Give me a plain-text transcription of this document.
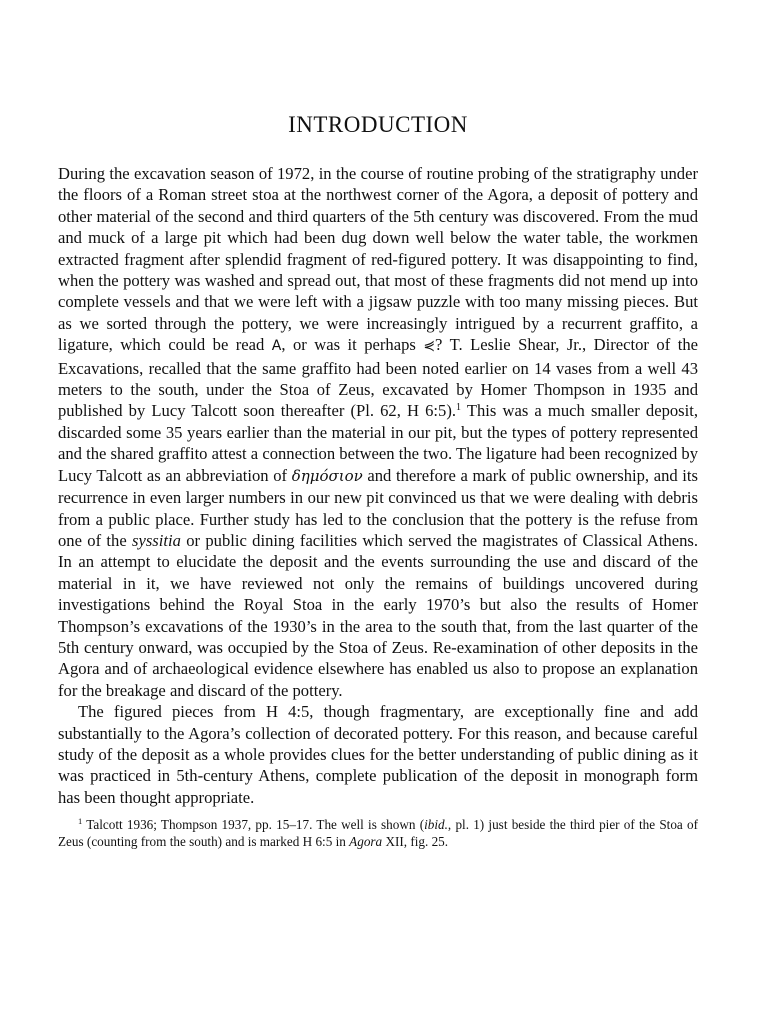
INTRODUCTION

During the excavation season of 1972, in the course of routine probing of the stratigraphy under the floors of a Roman street stoa at the northwest corner of the Agora, a deposit of pottery and other material of the second and third quarters of the 5th century was discovered. From the mud and muck of a large pit which had been dug down well below the water table, the workmen extracted fragment after splendid fragment of red-figured pottery. It was disappointing to find, when the pottery was washed and spread out, that most of these fragments did not mend up into complete vessels and that we were left with a jigsaw puzzle with too many missing pieces. But as we sorted through the pottery, we were increasingly intrigued by a recurrent graffito, a ligature, which could be read Α, or was it perhaps ⋞? T. Leslie Shear, Jr., Director of the Excavations, recalled that the same graffito had been noted earlier on 14 vases from a well 43 meters to the south, under the Stoa of Zeus, excavated by Homer Thompson in 1935 and published by Lucy Talcott soon thereafter (Pl. 62, H 6:5).$^1$ This was a much smaller deposit, discarded some 35 years earlier than the material in our pit, but the types of pottery represented and the shared graffito attest a connection between the two. The ligature had been recognized by Lucy Talcott as an abbreviation of δημόσιον and therefore a mark of public ownership, and its recurrence in even larger numbers in our new pit convinced us that we were dealing with debris from a public place. Further study has led to the conclusion that the pottery is the refuse from one of the syssitia or public dining facilities which served the magistrates of Classical Athens. In an attempt to elucidate the deposit and the events surrounding the use and discard of the material in it, we have reviewed not only the remains of buildings uncovered during investigations behind the Royal Stoa in the early 1970’s but also the results of Homer Thompson’s excavations of the 1930’s in the area to the south that, from the last quarter of the 5th century onward, was occupied by the Stoa of Zeus. Re-examination of other deposits in the Agora and of archaeological evidence elsewhere has enabled us also to propose an explanation for the breakage and discard of the pottery.

The figured pieces from H 4:5, though fragmentary, are exceptionally fine and add substantially to the Agora’s collection of decorated pottery. For this reason, and because careful study of the deposit as a whole provides clues for the better understanding of public dining as it was practiced in 5th-century Athens, complete publication of the deposit in monograph form has been thought appropriate.

$^1$ Talcott 1936; Thompson 1937, pp. 15–17. The well is shown (ibid., pl. 1) just beside the third pier of the Stoa of Zeus (counting from the south) and is marked H 6:5 in Agora XII, fig. 25.
